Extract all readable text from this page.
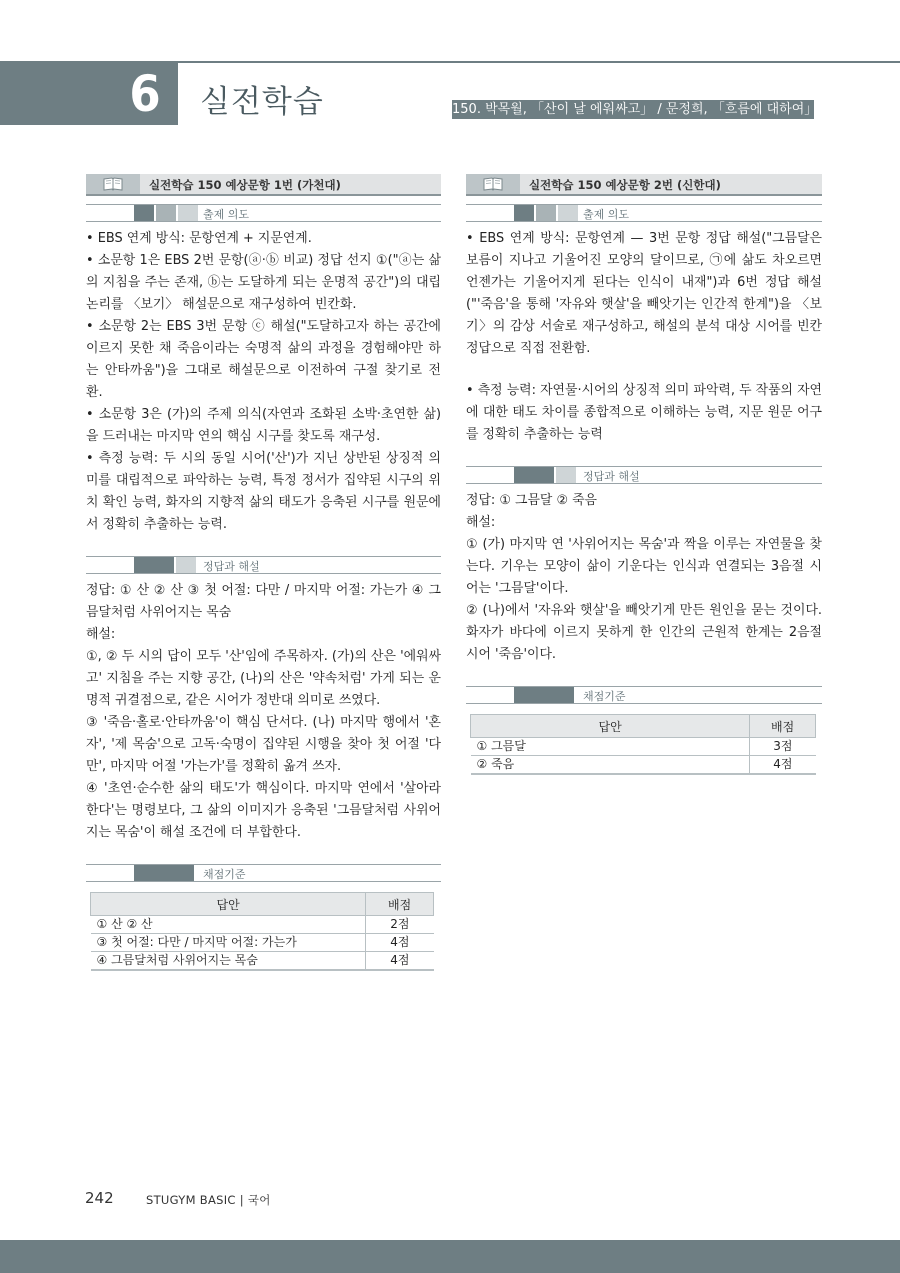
6	실전학습	150. 박목월, 「산이 날 에워싸고」 / 문정희, 「흐름에 대하여」
실전학습 150 예상문항 1번 (가천대)
출제 의도

• EBS 연계 방식: 문항연계 + 지문연계.

• 소문항 1은 EBS 2번 문항(ⓐ·ⓑ 비교) 정답 선지 ①("ⓐ는 삶의 지침을 주는 존재, ⓑ는 도달하게 되는 운명적 공간")의 대립 논리를 〈보기〉 해설문으로 재구성하여 빈칸화.

• 소문항 2는 EBS 3번 문항 ⓒ 해설("도달하고자 하는 공간에 이르지 못한 채 죽음이라는 숙명적 삶의 과정을 경험해야만 하는 안타까움")을 그대로 해설문으로 이전하여 구절 찾기로 전환.

• 소문항 3은 (가)의 주제 의식(자연과 조화된 소박·초연한 삶)을 드러내는 마지막 연의 핵심 시구를 찾도록 재구성.

• 측정 능력: 두 시의 동일 시어('산')가 지닌 상반된 상징적 의미를 대립적으로 파악하는 능력, 특정 정서가 집약된 시구의 위치 확인 능력, 화자의 지향적 삶의 태도가 응축된 시구를 원문에서 정확히 추출하는 능력.

정답과 해설

정답: ① 산 ② 산 ③ 첫 어절: 다만 / 마지막 어절: 가는가 ④ 그믐달처럼 사위어지는 목숨

해설:

①, ② 두 시의 답이 모두 '산'임에 주목하자. (가)의 산은 '에워싸고' 지침을 주는 지향 공간, (나)의 산은 '약속처럼' 가게 되는 운명적 귀결점으로, 같은 시어가 정반대 의미로 쓰였다.

③ '죽음·홀로·안타까움'이 핵심 단서다. (나) 마지막 행에서 '혼자', '제 목숨'으로 고독·숙명이 집약된 시행을 찾아 첫 어절 '다만', 마지막 어절 '가는가'를 정확히 옮겨 쓰자.

④ '초연·순수한 삶의 태도'가 핵심이다. 마지막 연에서 '살아라 한다'는 명령보다, 그 삶의 이미지가 응축된 '그믐달처럼 사위어지는 목숨'이 해설 조건에 더 부합한다.

채점기준
답안	배점
① 산 ② 산	2점
③ 첫 어절: 다만 / 마지막 어절: 가는가	4점
④ 그믐달처럼 사위어지는 목숨	4점
실전학습 150 예상문항 2번 (신한대)
출제 의도

• EBS 연계 방식: 문항연계 — 3번 문항 정답 해설("그믐달은 보름이 지나고 기울어진 모양의 달이므로, ㉠에 삶도 차오르면 언젠가는 기울어지게 된다는 인식이 내재")과 6번 정답 해설("'죽음'을 통해 '자유와 햇살'을 빼앗기는 인간적 한계")을 〈보기〉의 감상 서술로 재구성하고, 해설의 분석 대상 시어를 빈칸 정답으로 직접 전환함.

• 측정 능력: 자연물·시어의 상징적 의미 파악력, 두 작품의 자연에 대한 태도 차이를 종합적으로 이해하는 능력, 지문 원문 어구를 정확히 추출하는 능력

정답과 해설

정답: ① 그믐달 ② 죽음

해설:

① (가) 마지막 연 '사위어지는 목숨'과 짝을 이루는 자연물을 찾는다. 기우는 모양이 삶이 기운다는 인식과 연결되는 3음절 시어는 '그믐달'이다.

② (나)에서 '자유와 햇살'을 빼앗기게 만든 원인을 묻는 것이다. 화자가 바다에 이르지 못하게 한 인간의 근원적 한계는 2음절 시어 '죽음'이다.

채점기준
답안	배점
① 그믐달	3점
② 죽음	4점
242	STUGYM BASIC | 국어
